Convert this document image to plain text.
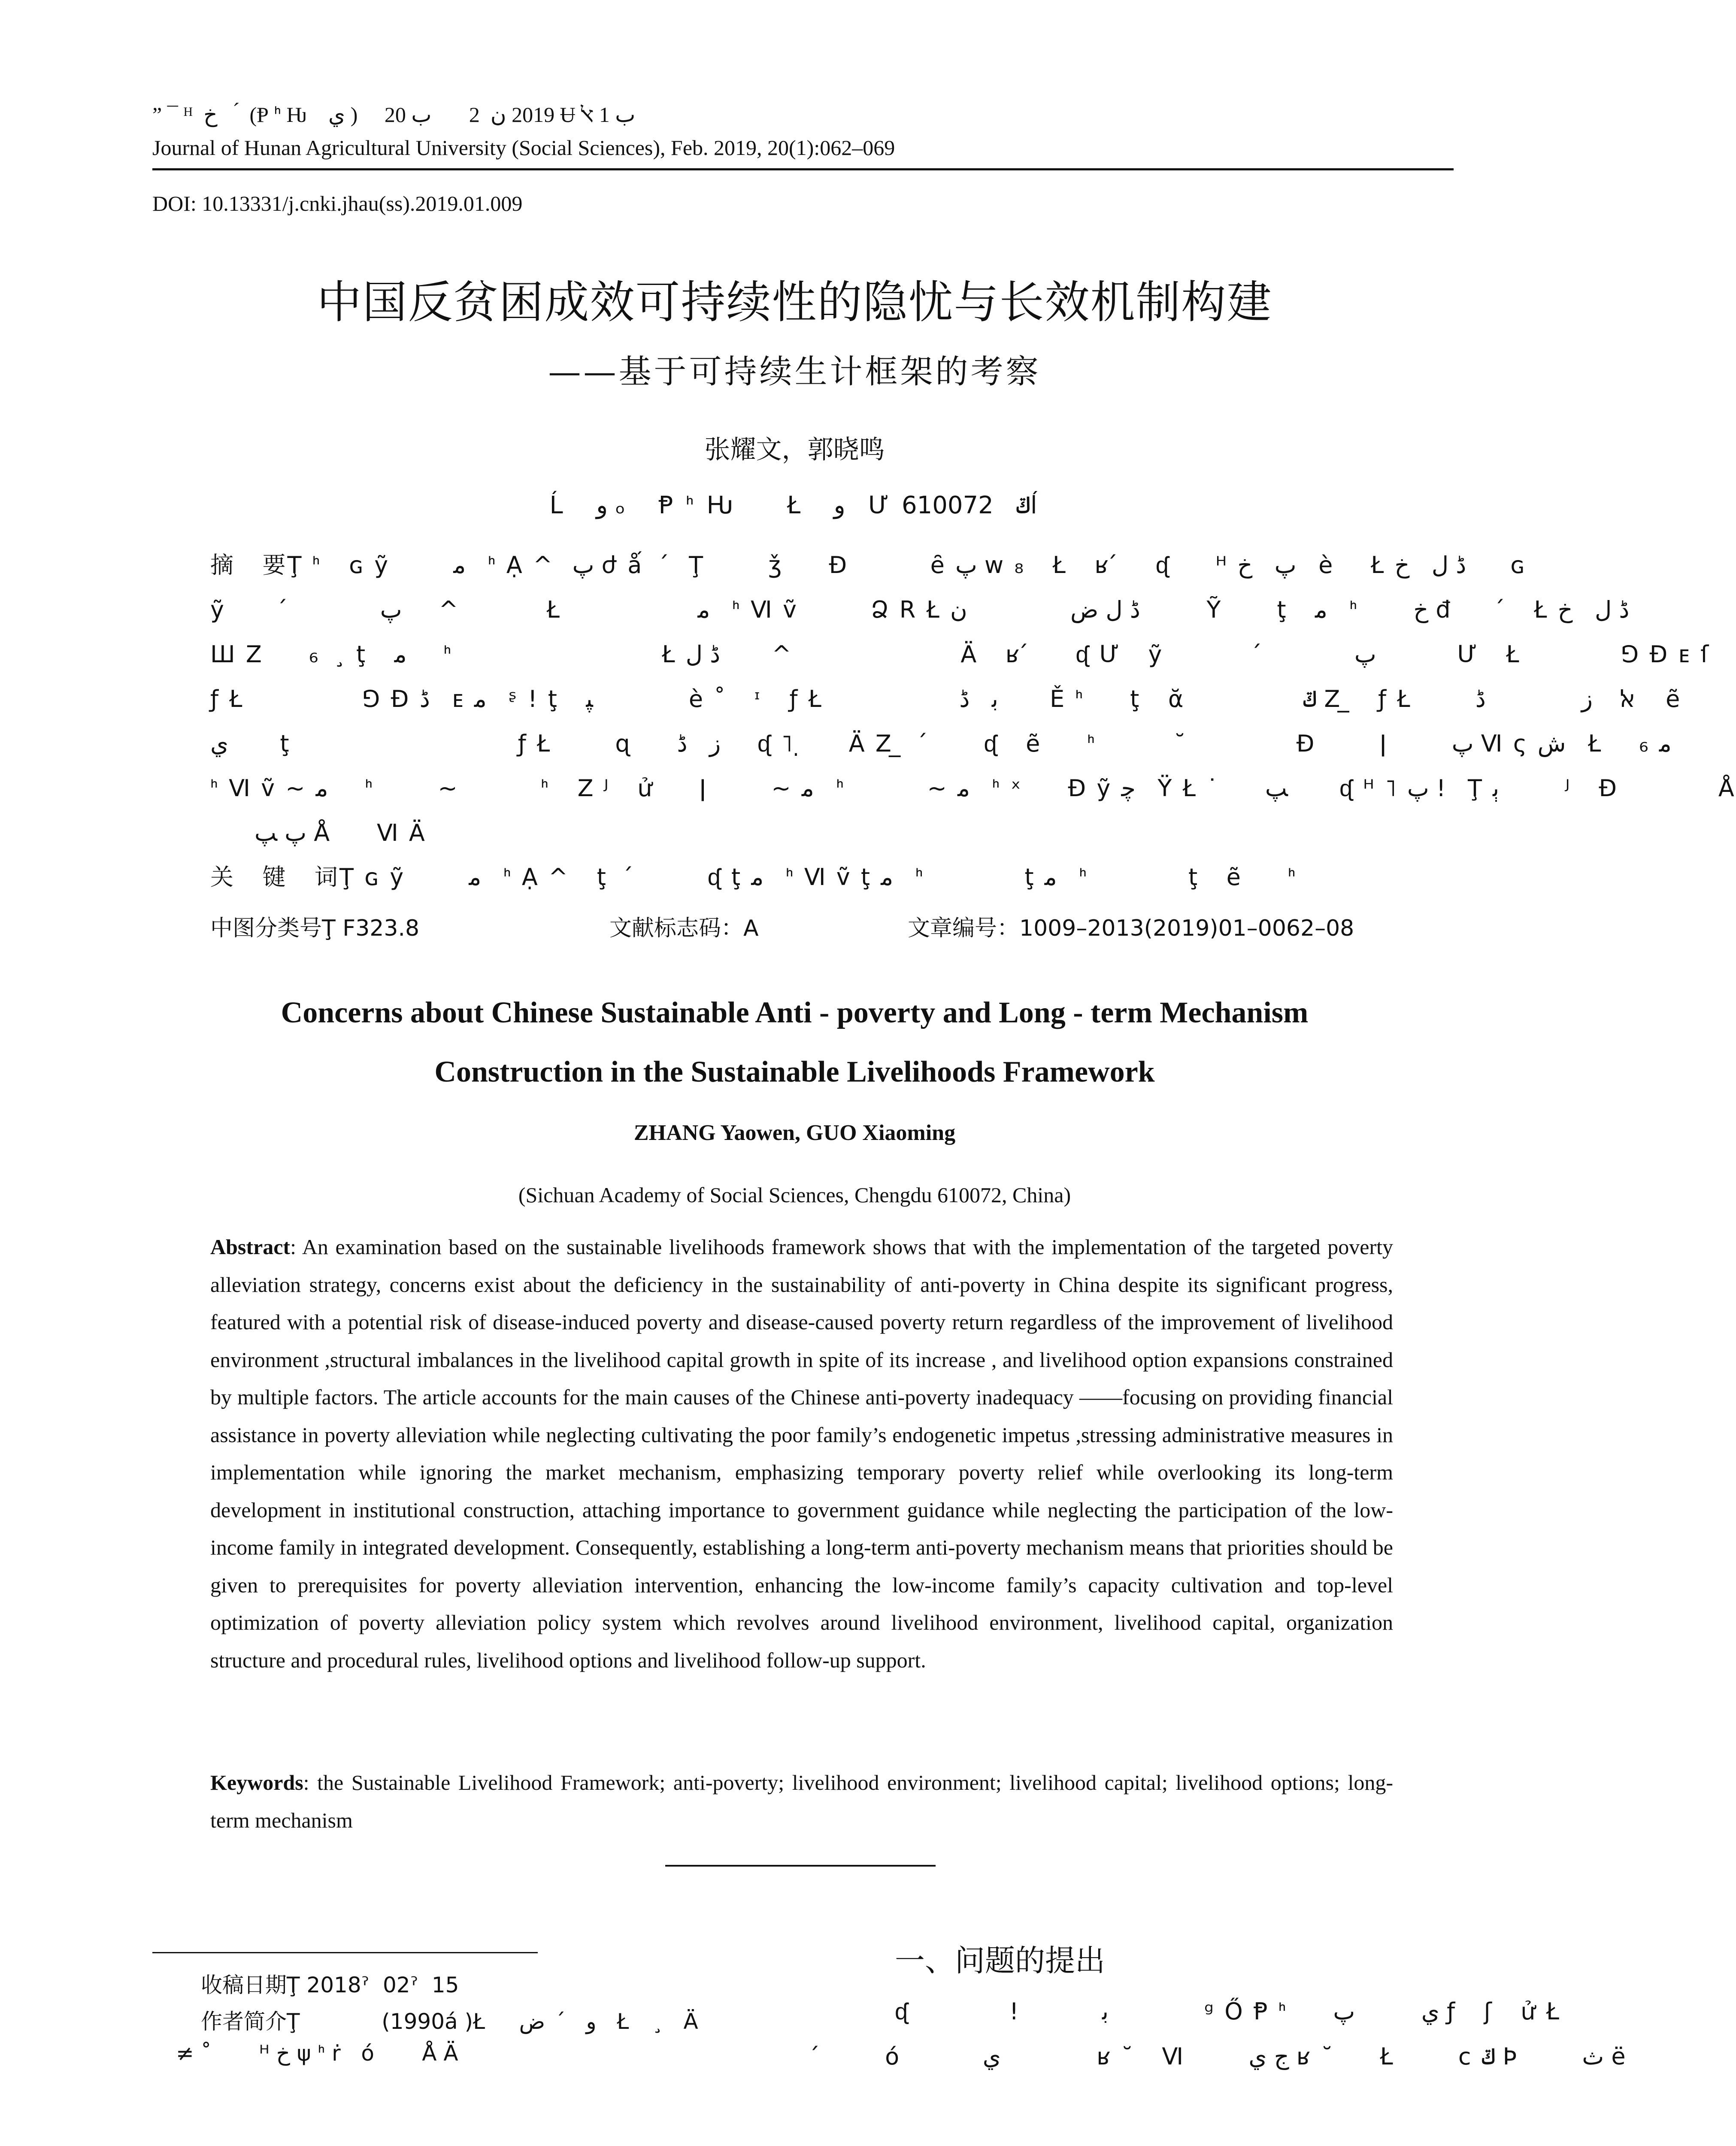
” ¯ ᴴ  ﺥ     ́ (Ᵽ ᑋ Ƕ    ﻱ )     2019 ﻥ  2       ﺏ 20 Ʉ ﺏ 1 ﭏ
Journal of Hunan Agricultural University (Social Sciences), Feb. 2019, 20(1):062–069
DOI: 10.13331/j.cnki.jhau(ss).2019.01.009
中国反贫困成效可持续性的隐忧与长效机制构建
——基于可持续生计框架的考察
张耀文，郭晓鸣
Ĺ   ﻭ ₒ   Ᵽ ᑋ Ƕ     Ł   ﻭ   Ư ݿ   610072ĺ
摘   要Ţ ᑋ   ɢ ỹ       ﻣ   ᑋ Ạ ^  ﭖ ժ ǻ   ́  Ţ       ǯ     Ð         ȇ ﭖ w ₈   Ł   ʁ ́    ᶑ     ᴴ ﭖ   ﺥ   è    Ł ڈ ﻝ   ﺥ      ɢ
ỹ       ́          ﭖ     ^            Ł               ﻣ   ᑋ Ⅵ ṽ        Ձ R Ł ڈ ﻝ ﺽ              ﻥ         Ỹ      ţ   ﻣ   ᑋ      ﺥ đ      ́   Ł ڈ ﻝ   ﺥ
Ш Ζ     ₆   ̧ ţ   ﻣ     ᑋ                       Ł ڈ ﻝ       ^                       Ä   ʁ ́     ᶑ Ư   ỹ           ́          ﭖ           Ư   Ł           ⅁ Ð ᴇ ſ
ƒ Ł             ⅁ Ð ڈ   ᴇ ﻣ   ᶳ ! ţ   ﭙ             è ˚   ᶦ   ƒ Ł               ﺑ   ڈ       Ě ᑋ     ţ   ᾰ             ݿ Ζ ̲   ƒ Ł       ﭏ   ﺯ             ڈ    ẽ
ﻱ       ţ                         ƒ Ł       ɋ     ﺯ   ڈ     ᶑ ˥ ̣     Ä Ζ ̲   ́      ᶑ   ẽ     ᑋ          ̆            Ð       ǀ       ﭖ Ⅵ ς ﺵ   Ł    ₆ ﻣ
ᑋ Ⅵ ṽ ~ ﻣ     ᑋ       ~         ᑋ   Ζ ᴶ   ử     ǀ       ~ ﻣ   ᑋ         ~ ﻣ   ᑋ ˣ     Ð ỹ ﭼ   Ÿ Ł ˙     ﭗ       ᶑ ᴴ ˥ ﭖ !   Ţ ﭔ         ᴶ   Ð           Å
ﭖ ﭗ Å     Ⅵ Ä
关   键   词Ţ ɢ ỹ       ﻣ   ᑋ Ạ ^   ţ   ́        ᶑ ţ ﻣ   ᑋ Ⅵ ṽ ţ ﻣ   ᑋ           ţ ﻣ   ᑋ           ţ   ẽ     ᑋ
中图分类号Ţ F323.8	文献标志码：A	文章编号：1009–2013(2019)01–0062–08
Concerns about Chinese Sustainable Anti - poverty and Long - term Mechanism
Construction in the Sustainable Livelihoods Framework
ZHANG Yaowen, GUO Xiaoming
(Sichuan Academy of Social Sciences, Chengdu 610072, China)

Abstract: An examination based on the sustainable livelihoods framework shows that with the implementation of the targeted poverty alleviation strategy, concerns exist about the deficiency in the sustainability of anti-poverty in China despite its significant progress, featured with a potential risk of disease-induced poverty and disease-caused poverty return regardless of the improvement of livelihood environment ,structural imbalances in the livelihood capital growth in spite of its increase , and livelihood option expansions constrained by multiple factors. The article accounts for the main causes of the Chinese anti-poverty inadequacy ——focusing on providing financial assistance in poverty alleviation while neglecting cultivating the poor family’s endogenetic impetus ,stressing administrative measures in implementation while ignoring the market mechanism, emphasizing temporary poverty relief while overlooking its long-term development in institutional construction, attaching importance to government guidance while neglecting the participation of the low-income family in integrated development. Consequently, establishing a long-term anti-poverty mechanism means that priorities should be given to prerequisites for poverty alleviation intervention, enhancing the low-income family’s capacity cultivation and top-level optimization of poverty alleviation policy system which revolves around livelihood environment, livelihood capital, organization structure and procedural rules, livelihood options and livelihood follow-up support.

Keywords: the Sustainable Livelihood Framework; anti-poverty; livelihood environment; livelihood capital; livelihood options; long-term mechanism

收稿日期Ţ 2018ˀ  02ˀ  15
作者简介Ţ            (1990á )Ł     ﻭ   ́   ﺽ   Ł     ̧   Ä
≠ ˚       ᴴ ﺥ ψ ᑋ ṙ   ó       Å Ä
一、问题的提出
ᶑ           !         ﺑ             ᵍ Ő Ᵽ ᑋ     ﻱ         ﭖ ƒ   ʃ   ử Ł
́       ó         ﻱ             ʁ ˘   Ⅵ       ﺝ ﻱ ʁ ˘     Ł       ϲ ݿ Þ       ﺙ ë
